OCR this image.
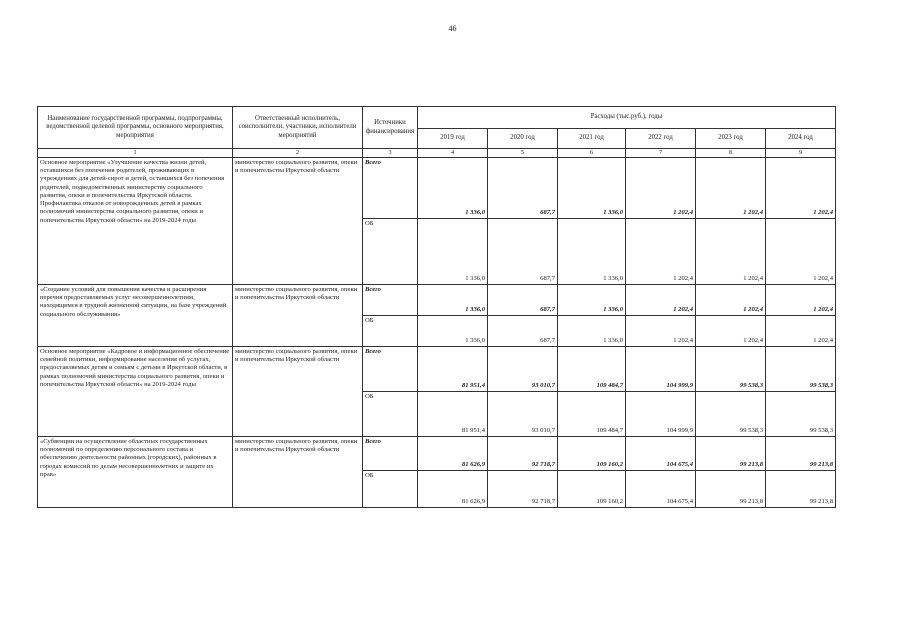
46
Наименование государственной программы, подпрограммы, ведомственной целевой программы, основного мероприятия, мероприятия	Ответственный исполнитель, соисполнители, участники, исполнители мероприятий	Источники финансирования	Расходы (тыс.руб.), годы					
			2019 год	2020 год	2021 год	2022 год	2023 год	2024 год
1	2	3	4	5	6	7	8	9
Основное мероприятие «Улучшение качества жизни детей, оставшихся без попечения родителей, проживающих в учреждениях для детей-сирот и детей, оставшихся без попечения родителей, подведомственных министерству социального развития, опеки и попечительства Иркутской области. Профилактика отказов от новорожденных детей в рамках полномочий министерства социального развития, опеки и попечительства Иркутской области» на 2019-2024 годы	министерство социального развития, опеки и попечительства Иркутской области	Всего	1 336,0	687,7	1 336,0	1 202,4	1 202,4	1 202,4
		ОБ	1 336,0	687,7	1 336,0	1 202,4	1 202,4	1 202,4
«Создание условий для повышения качества и расширения перечня предоставляемых услуг несовершеннолетним, находящимся в трудной жизненной ситуации, на базе учреждений социального обслуживания»	министерство социального развития, опеки и попечительства Иркутской области	Всего	1 336,0	687,7	1 336,0	1 202,4	1 202,4	1 202,4
		ОБ	1 336,0	687,7	1 336,0	1 202,4	1 202,4	1 202,4
Основное мероприятие «Кадровое и информационное обеспечение семейной политики, информирование населения об услугах, предоставляемых детям и семьям с детьми в Иркутской области, в рамках полномочий министерства социального развития, опеки и попечительства Иркутской области» на 2019-2024 годы	министерство социального развития, опеки и попечительства Иркутской области	Всего	81 951,4	93 010,7	109 484,7	104 999,9	99 538,3	99 538,3
		ОБ	81 951,4	93 010,7	109 484,7	104 999,9	99 538,3	99 538,3
«Субвенции на осуществление областных государственных полномочий по определению персонального состава и обеспечению деятельности районных (городских), районных в городах комиссий по делам несовершеннолетних и защите их прав»	министерство социального развития, опеки и попечительства Иркутской области	Всего	81 626,9	92 718,7	109 160,2	104 675,4	99 213,8	99 213,8
		ОБ	81 626,9	92 718,7	109 160,2	104 675,4	99 213,8	99 213,8
